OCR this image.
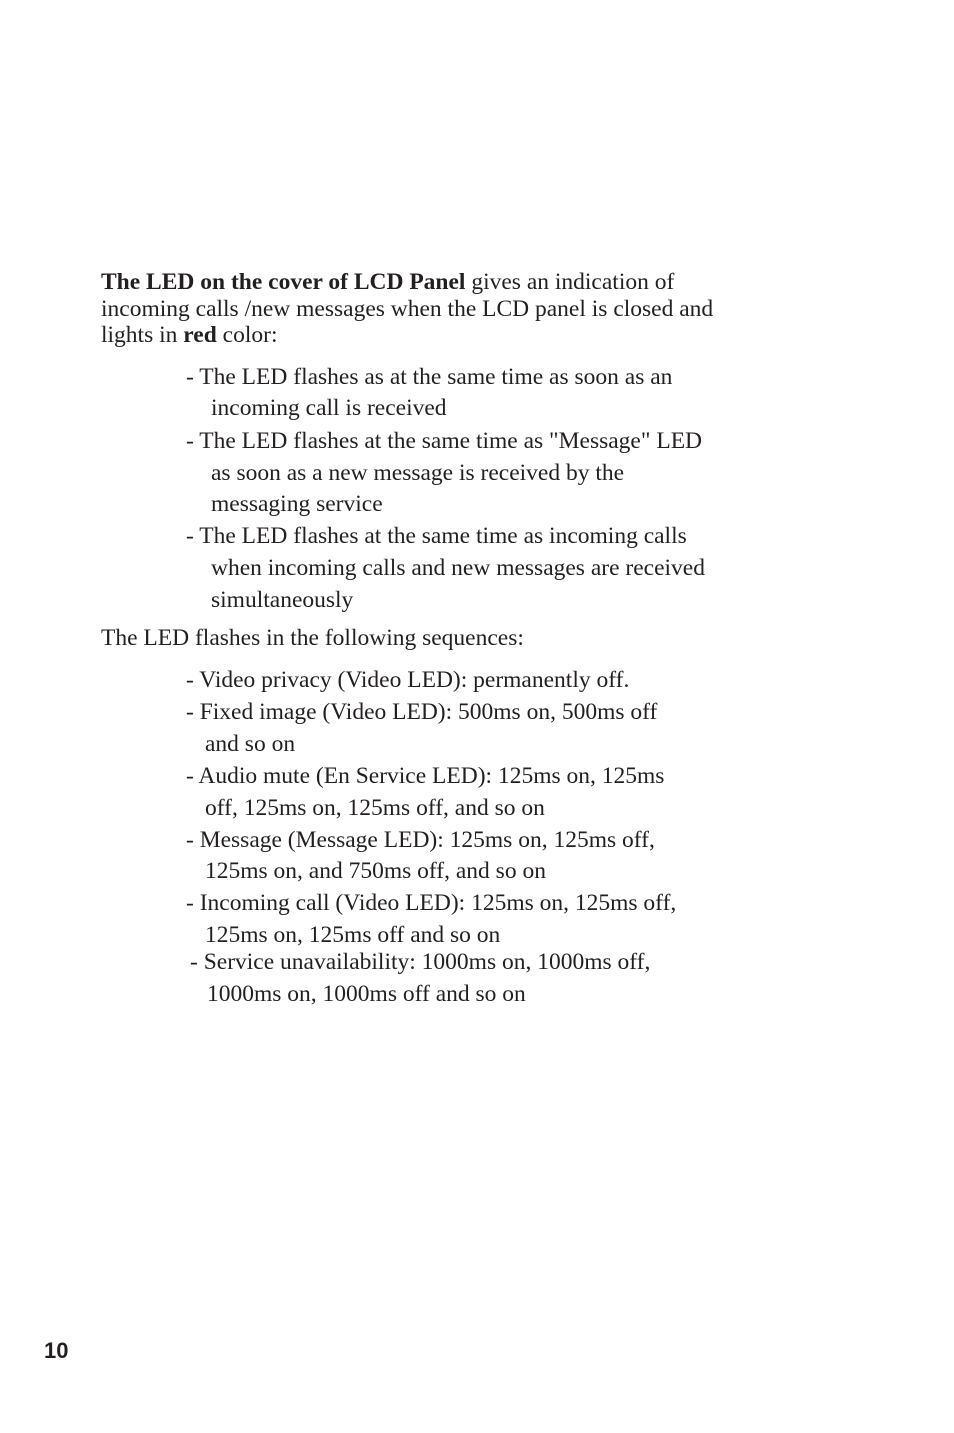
The LED on the cover of LCD Panel gives an indication of incoming calls /new messages when the LCD panel is closed and lights in red color:

- The LED flashes as at the same time as soon as an

incoming call is received

- The LED flashes at the same time as "Message" LED

as soon as a new message is received by the

messaging service

- The LED flashes at the same time as incoming calls

when incoming calls and new messages are received

simultaneously

The LED flashes in the following sequences:

- Video privacy (Video LED): permanently off.

- Fixed image (Video LED): 500ms on, 500ms off

and so on

- Audio mute (En Service LED): 125ms on, 125ms

off, 125ms on, 125ms off, and so on

- Message (Message LED): 125ms on, 125ms off,

125ms on, and 750ms off, and so on

- Incoming call (Video LED): 125ms on, 125ms off,

125ms on, 125ms off and so on

- Service unavailability: 1000ms on, 1000ms off,

1000ms on, 1000ms off and so on

10
